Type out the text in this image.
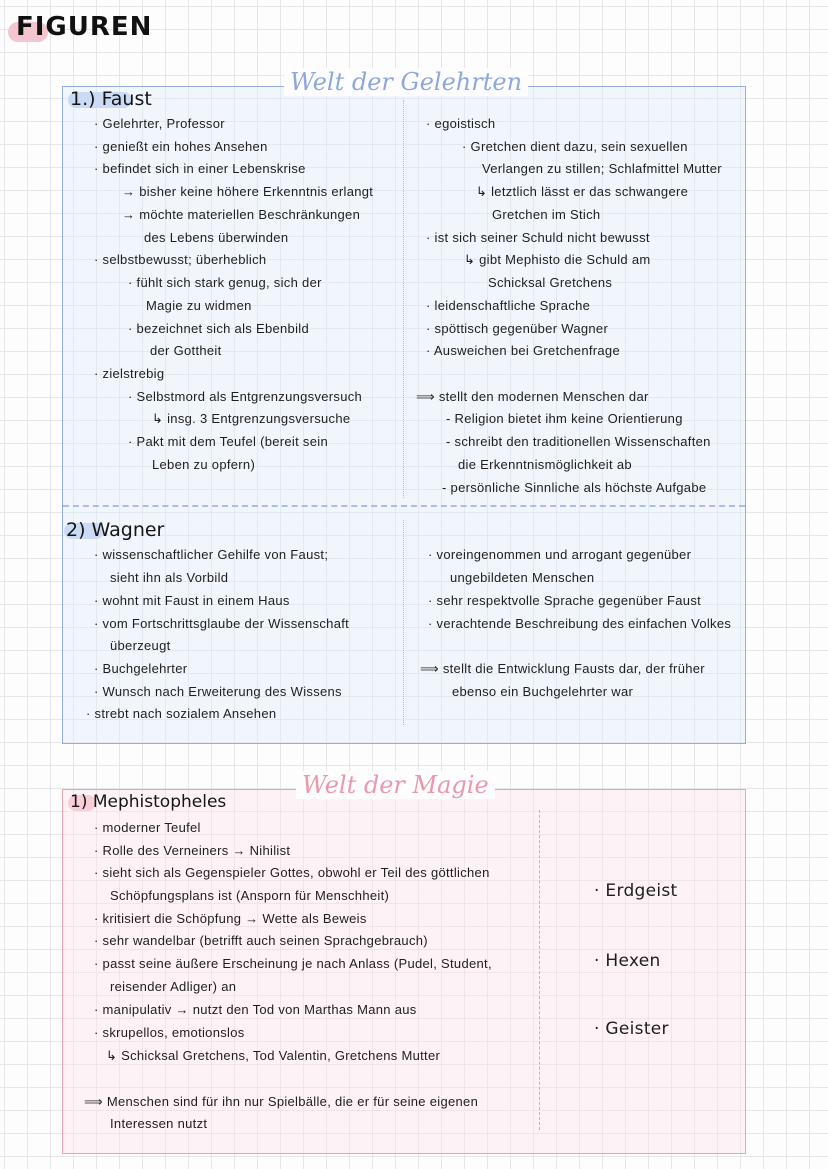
FIGUREN
Welt der Gelehrten
1.) Faust
· Gelehrter, Professor
· genießt ein hohes Ansehen
· befindet sich in einer Lebenskrise
→ bisher keine höhere Erkenntnis erlangt
→ möchte materiellen Beschränkungen
des Lebens überwinden
· selbstbewusst; überheblich
· fühlt sich stark genug, sich der
Magie zu widmen
· bezeichnet sich als Ebenbild
der Gottheit
· zielstrebig
· Selbstmord als Entgrenzungsversuch
↳ insg. 3 Entgrenzungsversuche
· Pakt mit dem Teufel (bereit sein
Leben zu opfern)
· egoistisch
· Gretchen dient dazu, sein sexuellen
Verlangen zu stillen; Schlafmittel Mutter
↳ letztlich lässt er das schwangere
Gretchen im Stich
· ist sich seiner Schuld nicht bewusst
↳ gibt Mephisto die Schuld am
Schicksal Gretchens
· leidenschaftliche Sprache
· spöttisch gegenüber Wagner
· Ausweichen bei Gretchenfrage
⟹ stellt den modernen Menschen dar
- Religion bietet ihm keine Orientierung
- schreibt den traditionellen Wissenschaften
die Erkenntnismöglichkeit ab
- persönliche Sinnliche als höchste Aufgabe
2) Wagner
· wissenschaftlicher Gehilfe von Faust;
sieht ihn als Vorbild
· wohnt mit Faust in einem Haus
· vom Fortschrittsglaube der Wissenschaft
überzeugt
· Buchgelehrter
· Wunsch nach Erweiterung des Wissens
· strebt nach sozialem Ansehen
· voreingenommen und arrogant gegenüber
ungebildeten Menschen
· sehr respektvolle Sprache gegenüber Faust
· verachtende Beschreibung des einfachen Volkes
⟹ stellt die Entwicklung Fausts dar, der früher
ebenso ein Buchgelehrter war
Welt der Magie
1) Mephistopheles
· moderner Teufel
· Rolle des Verneiners → Nihilist
· sieht sich als Gegenspieler Gottes, obwohl er Teil des göttlichen
Schöpfungsplans ist (Ansporn für Menschheit)
· kritisiert die Schöpfung → Wette als Beweis
· sehr wandelbar (betrifft auch seinen Sprachgebrauch)
· passt seine äußere Erscheinung je nach Anlass (Pudel, Student,
reisender Adliger) an
· manipulativ → nutzt den Tod von Marthas Mann aus
· skrupellos, emotionslos
↳ Schicksal Gretchens, Tod Valentin, Gretchens Mutter
⟹ Menschen sind für ihn nur Spielbälle, die er für seine eigenen
Interessen nutzt
· Erdgeist
· Hexen
· Geister
